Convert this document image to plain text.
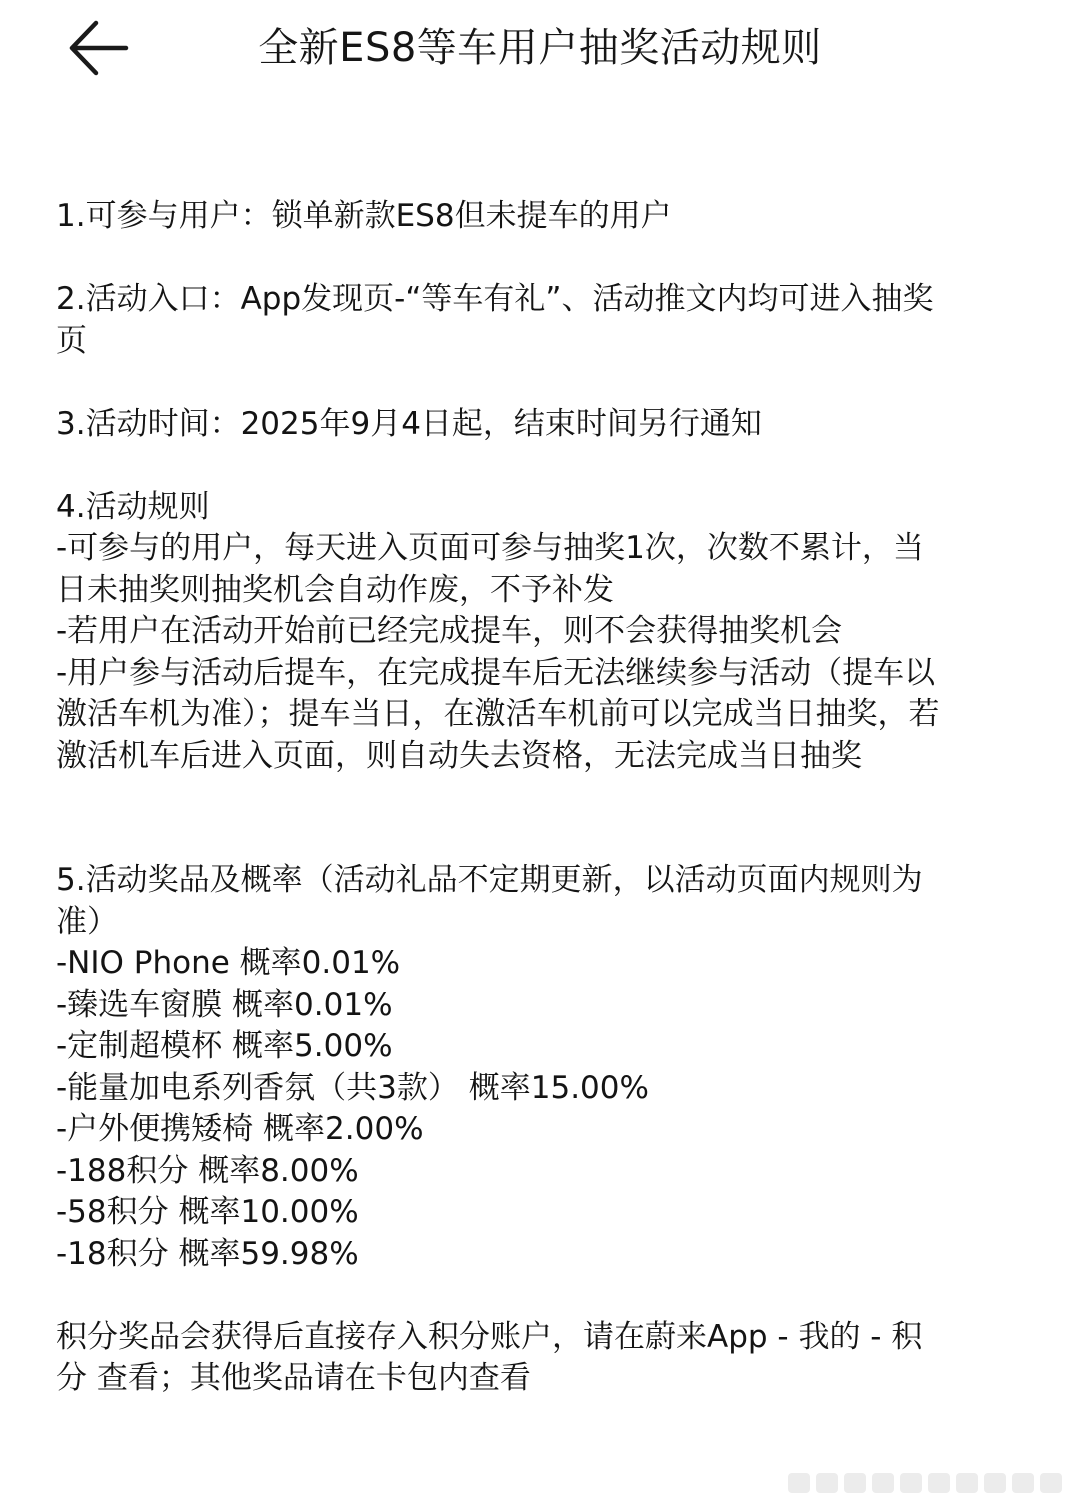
全新ES8等车用户抽奖活动规则
1.可参与用户：锁单新款ES8但未提车的用户
2.活动入口：App发现页-“等车有礼”、活动推文内均可进入抽奖
页
3.活动时间：2025年9月4日起，结束时间另行通知
4.活动规则
-可参与的用户，每天进入页面可参与抽奖1次，次数不累计，当
日未抽奖则抽奖机会自动作废，不予补发
-若用户在活动开始前已经完成提车，则不会获得抽奖机会
-用户参与活动后提车，在完成提车后无法继续参与活动（提车以
激活车机为准）；提车当日，在激活车机前可以完成当日抽奖，若
激活机车后进入页面，则自动失去资格，无法完成当日抽奖
5.活动奖品及概率（活动礼品不定期更新，以活动页面内规则为
准）
-NIO Phone 概率0.01%
-臻选车窗膜 概率0.01%
-定制超模杯 概率5.00%
-能量加电系列香氛（共3款） 概率15.00%
-户外便携矮椅 概率2.00%
-188积分 概率8.00%
-58积分 概率10.00%
-18积分 概率59.98%
积分奖品会获得后直接存入积分账户，请在蔚来App - 我的 - 积
分 查看；其他奖品请在卡包内查看
